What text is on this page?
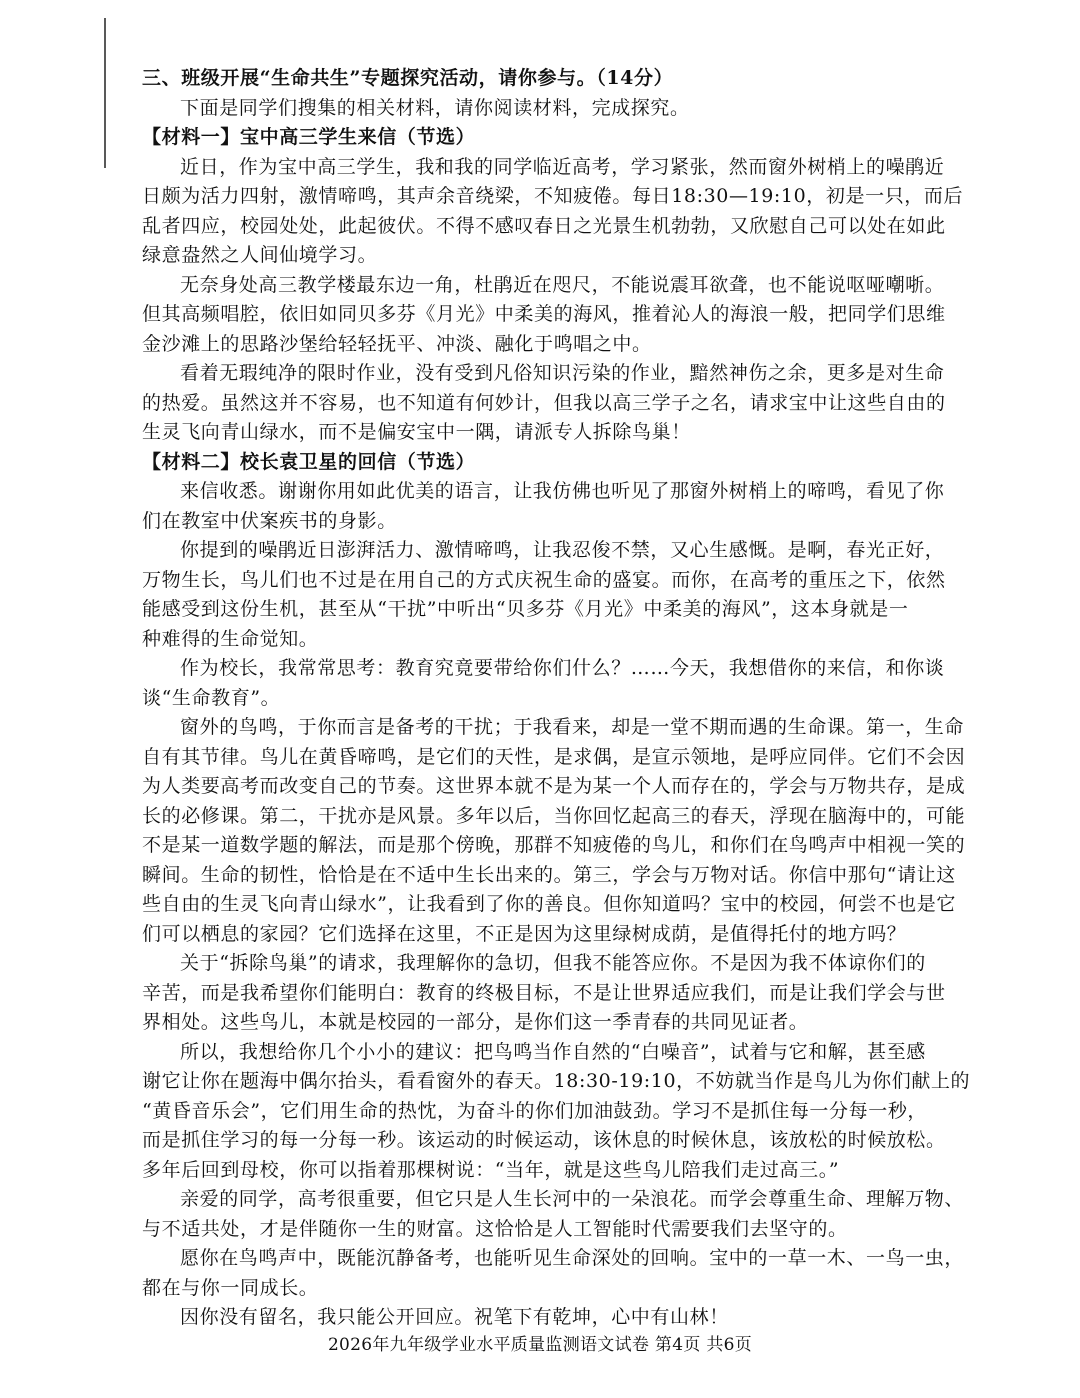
三、班级开展“生命共生”专题探究活动，请你参与。（14分）
下面是同学们搜集的相关材料，请你阅读材料，完成探究。
【材料一】宝中高三学生来信（节选）
近日，作为宝中高三学生，我和我的同学临近高考，学习紧张，然而窗外树梢上的噪鹃近
日颇为活力四射，激情啼鸣，其声余音绕梁，不知疲倦。每日18:30—19:10，初是一只，而后
乱者四应，校园处处，此起彼伏。不得不感叹春日之光景生机勃勃，又欣慰自己可以处在如此
绿意盎然之人间仙境学习。
无奈身处高三教学楼最东边一角，杜鹃近在咫尺，不能说震耳欲聋，也不能说呕哑嘲哳。
但其高频唱腔，依旧如同贝多芬《月光》中柔美的海风，推着沁人的海浪一般，把同学们思维
金沙滩上的思路沙堡给轻轻抚平、冲淡、融化于鸣唱之中。
看着无瑕纯净的限时作业，没有受到凡俗知识污染的作业，黯然神伤之余，更多是对生命
的热爱。虽然这并不容易，也不知道有何妙计，但我以高三学子之名，请求宝中让这些自由的
生灵飞向青山绿水，而不是偏安宝中一隅，请派专人拆除鸟巢！
【材料二】校长袁卫星的回信（节选）
来信收悉。谢谢你用如此优美的语言，让我仿佛也听见了那窗外树梢上的啼鸣，看见了你
们在教室中伏案疾书的身影。
你提到的噪鹃近日澎湃活力、激情啼鸣，让我忍俊不禁，又心生感慨。是啊，春光正好，
万物生长，鸟儿们也不过是在用自己的方式庆祝生命的盛宴。而你，在高考的重压之下，依然
能感受到这份生机，甚至从“干扰”中听出“贝多芬《月光》中柔美的海风”，这本身就是一
种难得的生命觉知。
作为校长，我常常思考：教育究竟要带给你们什么？……今天，我想借你的来信，和你谈
谈“生命教育”。
窗外的鸟鸣，于你而言是备考的干扰；于我看来，却是一堂不期而遇的生命课。第一，生命
自有其节律。鸟儿在黄昏啼鸣，是它们的天性，是求偶，是宣示领地，是呼应同伴。它们不会因
为人类要高考而改变自己的节奏。这世界本就不是为某一个人而存在的，学会与万物共存，是成
长的必修课。第二，干扰亦是风景。多年以后，当你回忆起高三的春天，浮现在脑海中的，可能
不是某一道数学题的解法，而是那个傍晚，那群不知疲倦的鸟儿，和你们在鸟鸣声中相视一笑的
瞬间。生命的韧性，恰恰是在不适中生长出来的。第三，学会与万物对话。你信中那句“请让这
些自由的生灵飞向青山绿水”，让我看到了你的善良。但你知道吗？宝中的校园，何尝不也是它
们可以栖息的家园？它们选择在这里，不正是因为这里绿树成荫，是值得托付的地方吗？
关于“拆除鸟巢”的请求，我理解你的急切，但我不能答应你。不是因为我不体谅你们的
辛苦，而是我希望你们能明白：教育的终极目标，不是让世界适应我们，而是让我们学会与世
界相处。这些鸟儿，本就是校园的一部分，是你们这一季青春的共同见证者。
所以，我想给你几个小小的建议：把鸟鸣当作自然的“白噪音”，试着与它和解，甚至感
谢它让你在题海中偶尔抬头，看看窗外的春天。18:30-19:10，不妨就当作是鸟儿为你们献上的
“黄昏音乐会”，它们用生命的热忱，为奋斗的你们加油鼓劲。学习不是抓住每一分每一秒，
而是抓住学习的每一分每一秒。该运动的时候运动，该休息的时候休息，该放松的时候放松。
多年后回到母校，你可以指着那棵树说：“当年，就是这些鸟儿陪我们走过高三。”
亲爱的同学，高考很重要，但它只是人生长河中的一朵浪花。而学会尊重生命、理解万物、
与不适共处，才是伴随你一生的财富。这恰恰是人工智能时代需要我们去坚守的。
愿你在鸟鸣声中，既能沉静备考，也能听见生命深处的回响。宝中的一草一木、一鸟一虫，
都在与你一同成长。
因你没有留名，我只能公开回应。祝笔下有乾坤，心中有山林！
2026年九年级学业水平质量监测语文试卷 第4页 共6页
